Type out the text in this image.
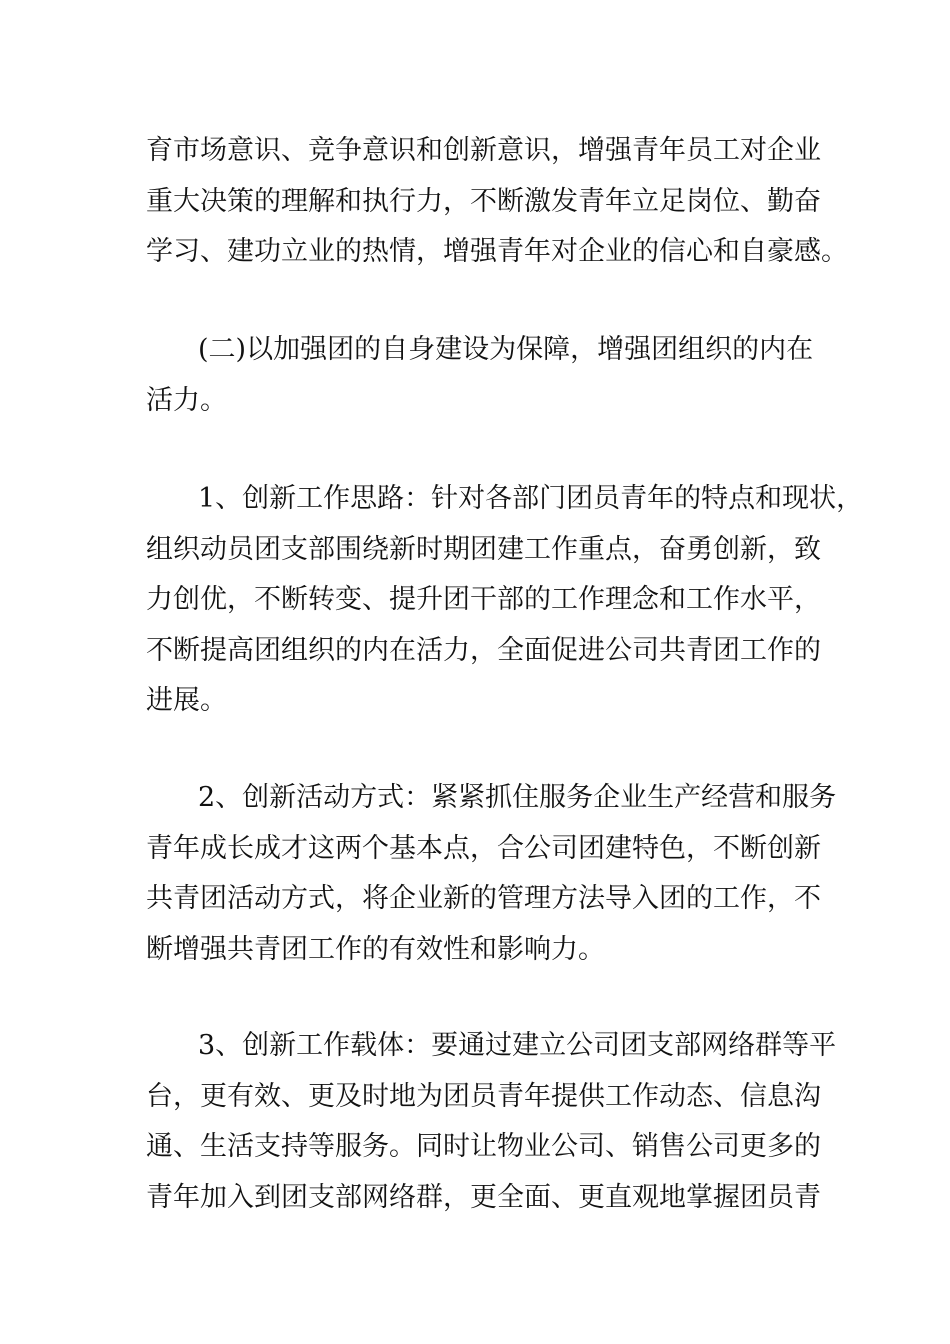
育市场意识、竞争意识和创新意识，增强青年员工对企业
重大决策的理解和执行力，不断激发青年立足岗位、勤奋
学习、建功立业的热情，增强青年对企业的信心和自豪感。
(二)以加强团的自身建设为保障，增强团组织的内在
活力。
1、创新工作思路：针对各部门团员青年的特点和现状，
组织动员团支部围绕新时期团建工作重点，奋勇创新，致
力创优，不断转变、提升团干部的工作理念和工作水平，
不断提高团组织的内在活力，全面促进公司共青团工作的
进展。
2、创新活动方式：紧紧抓住服务企业生产经营和服务
青年成长成才这两个基本点，合公司团建特色，不断创新
共青团活动方式，将企业新的管理方法导入团的工作，不
断增强共青团工作的有效性和影响力。
3、创新工作载体：要通过建立公司团支部网络群等平
台，更有效、更及时地为团员青年提供工作动态、信息沟
通、生活支持等服务。同时让物业公司、销售公司更多的
青年加入到团支部网络群，更全面、更直观地掌握团员青
